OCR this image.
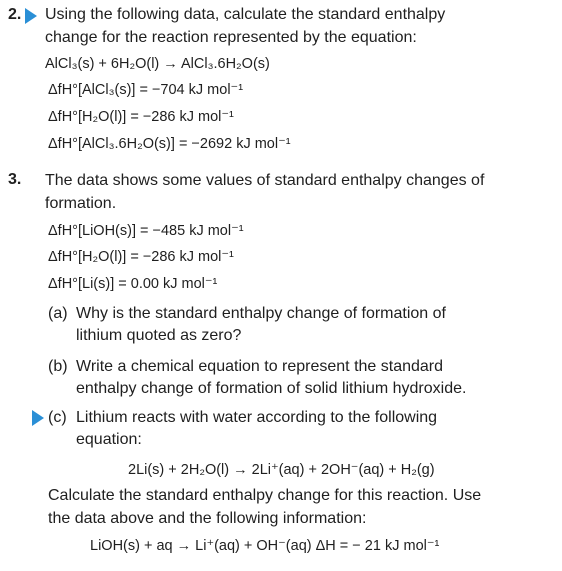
2. Using the following data, calculate the standard enthalpy
change for the reaction represented by the equation:
AlCl₃(s) + 6H₂O(l) → AlCl₃.6H₂O(s)
ΔfH°[AlCl₃(s)] = −704 kJ mol⁻¹
ΔfH°[H₂O(l)] = −286 kJ mol⁻¹
ΔfH°[AlCl₃.6H₂O(s)] = −2692 kJ mol⁻¹
3. The data shows some values of standard enthalpy changes of
formation.
ΔfH°[LiOH(s)] = −485 kJ mol⁻¹
ΔfH°[H₂O(l)] = −286 kJ mol⁻¹
ΔfH°[Li(s)] = 0.00 kJ mol⁻¹
(a) Why is the standard enthalpy change of formation of
lithium quoted as zero?
(b) Write a chemical equation to represent the standard
enthalpy change of formation of solid lithium hydroxide.
(c) Lithium reacts with water according to the following
equation:
2Li(s) + 2H₂O(l) → 2Li⁺(aq) + 2OH⁻(aq) + H₂(g)
Calculate the standard enthalpy change for this reaction. Use
the data above and the following information:
LiOH(s) + aq → Li⁺(aq) + OH⁻(aq) ΔH = − 21 kJ mol⁻¹
